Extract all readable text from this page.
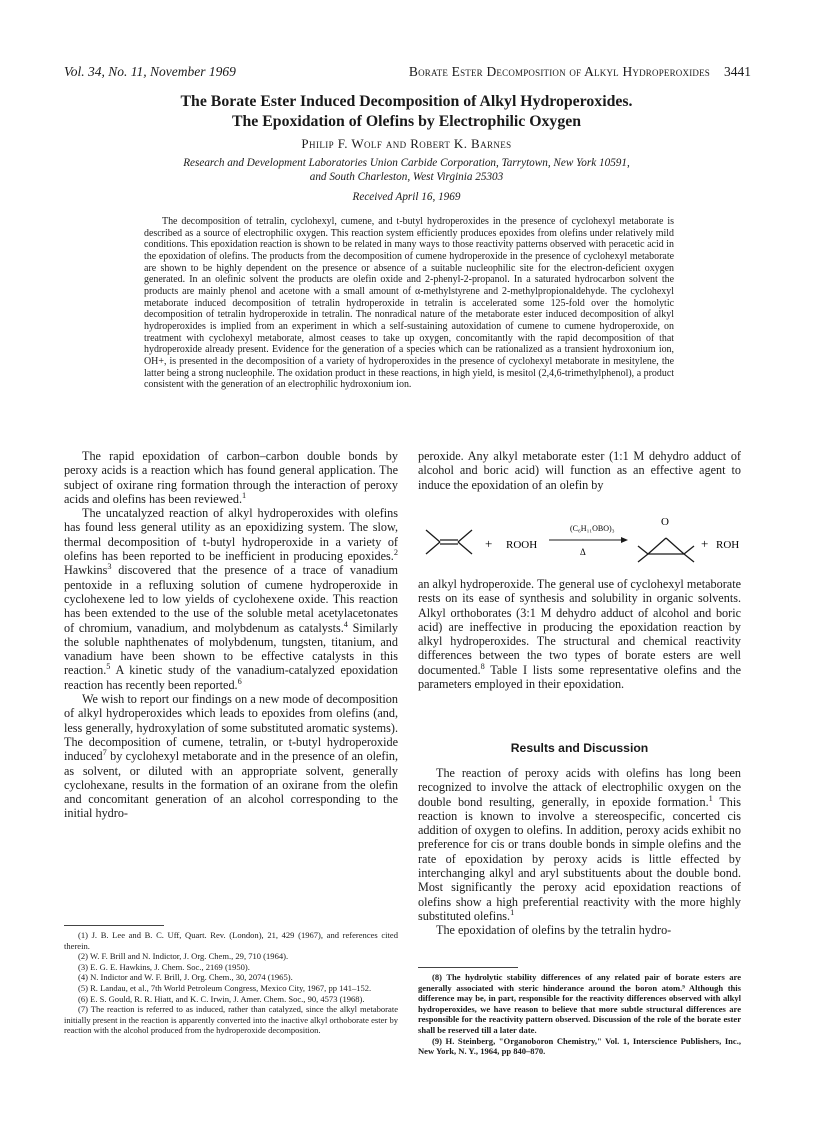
Vol. 34, No. 11, November 1969	Borate Ester Decomposition of Alkyl Hydroperoxides 3441
The Borate Ester Induced Decomposition of Alkyl Hydroperoxides.
The Epoxidation of Olefins by Electrophilic Oxygen
Philip F. Wolf and Robert K. Barnes
Research and Development Laboratories Union Carbide Corporation, Tarrytown, New York 10591,
and South Charleston, West Virginia 25303
Received April 16, 1969
The decomposition of tetralin, cyclohexyl, cumene, and t-butyl hydroperoxides in the presence of cyclohexyl metaborate is described as a source of electrophilic oxygen. This reaction system efficiently produces epoxides from olefins under relatively mild conditions. This epoxidation reaction is shown to be related in many ways to those reactivity patterns observed with peracetic acid in the epoxidation of olefins. The products from the decomposition of cumene hydroperoxide in the presence of cyclohexyl metaborate are shown to be highly dependent on the presence or absence of a suitable nucleophilic site for the electron-deficient oxygen generated. In an olefinic solvent the products are olefin oxide and 2-phenyl-2-propanol. In a saturated hydrocarbon solvent the products are mainly phenol and acetone with a small amount of α-methylstyrene and 2-methylpropionaldehyde. The cyclohexyl metaborate induced decomposition of tetralin hydroperoxide in tetralin is accelerated some 125-fold over the homolytic decomposition of tetralin hydroperoxide in tetralin. The nonradical nature of the metaborate ester induced decomposition of alkyl hydroperoxides is implied from an experiment in which a self-sustaining autoxidation of cumene to cumene hydroperoxide, on treatment with cyclohexyl metaborate, almost ceases to take up oxygen, concomitantly with the rapid decomposition of that hydroperoxide already present. Evidence for the generation of a species which can be rationalized as a transient hydroxonium ion, OH+, is presented in the decomposition of a variety of hydroperoxides in the presence of cyclohexyl metaborate in mesitylene, the latter being a strong nucleophile. The oxidation product in these reactions, in high yield, is mesitol (2,4,6-trimethylphenol), a product consistent with the generation of an electrophilic hydroxonium ion.

The rapid epoxidation of carbon–carbon double bonds by peroxy acids is a reaction which has found general application. The subject of oxirane ring formation through the interaction of peroxy acids and olefins has been reviewed.$^1$

The uncatalyzed reaction of alkyl hydroperoxides with olefins has found less general utility as an epoxidizing system. The slow, thermal decomposition of t-butyl hydroperoxide in a variety of olefins has been reported to be inefficient in producing epoxides.$^2$ Hawkins$^3$ discovered that the presence of a trace of vanadium pentoxide in a refluxing solution of cumene hydroperoxide in cyclohexene led to low yields of cyclohexene oxide. This reaction has been extended to the use of the soluble metal acetylacetonates of chromium, vanadium, and molybdenum as catalysts.$^4$ Similarly the soluble naphthenates of molybdenum, tungsten, titanium, and vanadium have been shown to be effective catalysts in this reaction.$^5$ A kinetic study of the vanadium-catalyzed epoxidation reaction has recently been reported.$^6$

We wish to report our findings on a new mode of decomposition of alkyl hydroperoxides which leads to epoxides from olefins (and, less generally, hydroxylation of some substituted aromatic systems). The decomposition of cumene, tetralin, or t-butyl hydroperoxide induced$^7$ by cyclohexyl metaborate and in the presence of an olefin, as solvent, or diluted with an appropriate solvent, generally cyclohexane, results in the formation of an oxirane from the olefin and concomitant generation of an alcohol corresponding to the initial hydro-

peroxide. Any alkyl metaborate ester (1:1 M dehydro adduct of alcohol and boric acid) will function as an effective agent to induce the epoxidation of an olefin by

+ ROOH
(C₆H₁₁OBO)₃
Δ
O
+ ROH

an alkyl hydroperoxide. The general use of cyclohexyl metaborate rests on its ease of synthesis and solubility in organic solvents. Alkyl orthoborates (3:1 M dehydro adduct of alcohol and boric acid) are ineffective in producing the epoxidation reaction by alkyl hydroperoxides. The structural and chemical reactivity differences between the two types of borate esters are well documented.$^8$ Table I lists some representative olefins and the parameters employed in their epoxidation.

Results and Discussion

The reaction of peroxy acids with olefins has long been recognized to involve the attack of electrophilic oxygen on the double bond resulting, generally, in epoxide formation.$^1$ This reaction is known to involve a stereospecific, concerted cis addition of oxygen to olefins. In addition, peroxy acids exhibit no preference for cis or trans double bonds in simple olefins and the rate of epoxidation by peroxy acids is little effected by interchanging alkyl and aryl substituents about the double bond. Most significantly the peroxy acid epoxidation reactions of olefins show a high preferential reactivity with the more highly substituted olefins.$^1$

The epoxidation of olefins by the tetralin hydro-

(1) J. B. Lee and B. C. Uff, Quart. Rev. (London), 21, 429 (1967), and references cited therein.

(2) W. F. Brill and N. Indictor, J. Org. Chem., 29, 710 (1964).

(3) E. G. E. Hawkins, J. Chem. Soc., 2169 (1950).

(4) N. Indictor and W. F. Brill, J. Org. Chem., 30, 2074 (1965).

(5) R. Landau, et al., 7th World Petroleum Congress, Mexico City, 1967, pp 141–152.

(6) E. S. Gould, R. R. Hiatt, and K. C. Irwin, J. Amer. Chem. Soc., 90, 4573 (1968).

(7) The reaction is referred to as induced, rather than catalyzed, since the alkyl metaborate initially present in the reaction is apparently converted into the inactive alkyl orthoborate ester by reaction with the alcohol produced from the hydroperoxide decomposition.

(8) The hydrolytic stability differences of any related pair of borate esters are generally associated with steric hinderance around the boron atom.⁹ Although this difference may be, in part, responsible for the reactivity differences observed with alkyl hydroperoxides, we have reason to believe that more subtle structural differences are responsible for the reactivity pattern observed. Discussion of the role of the borate ester shall be reserved till a later date.

(9) H. Steinberg, "Organoboron Chemistry," Vol. 1, Interscience Publishers, Inc., New York, N. Y., 1964, pp 840–870.
